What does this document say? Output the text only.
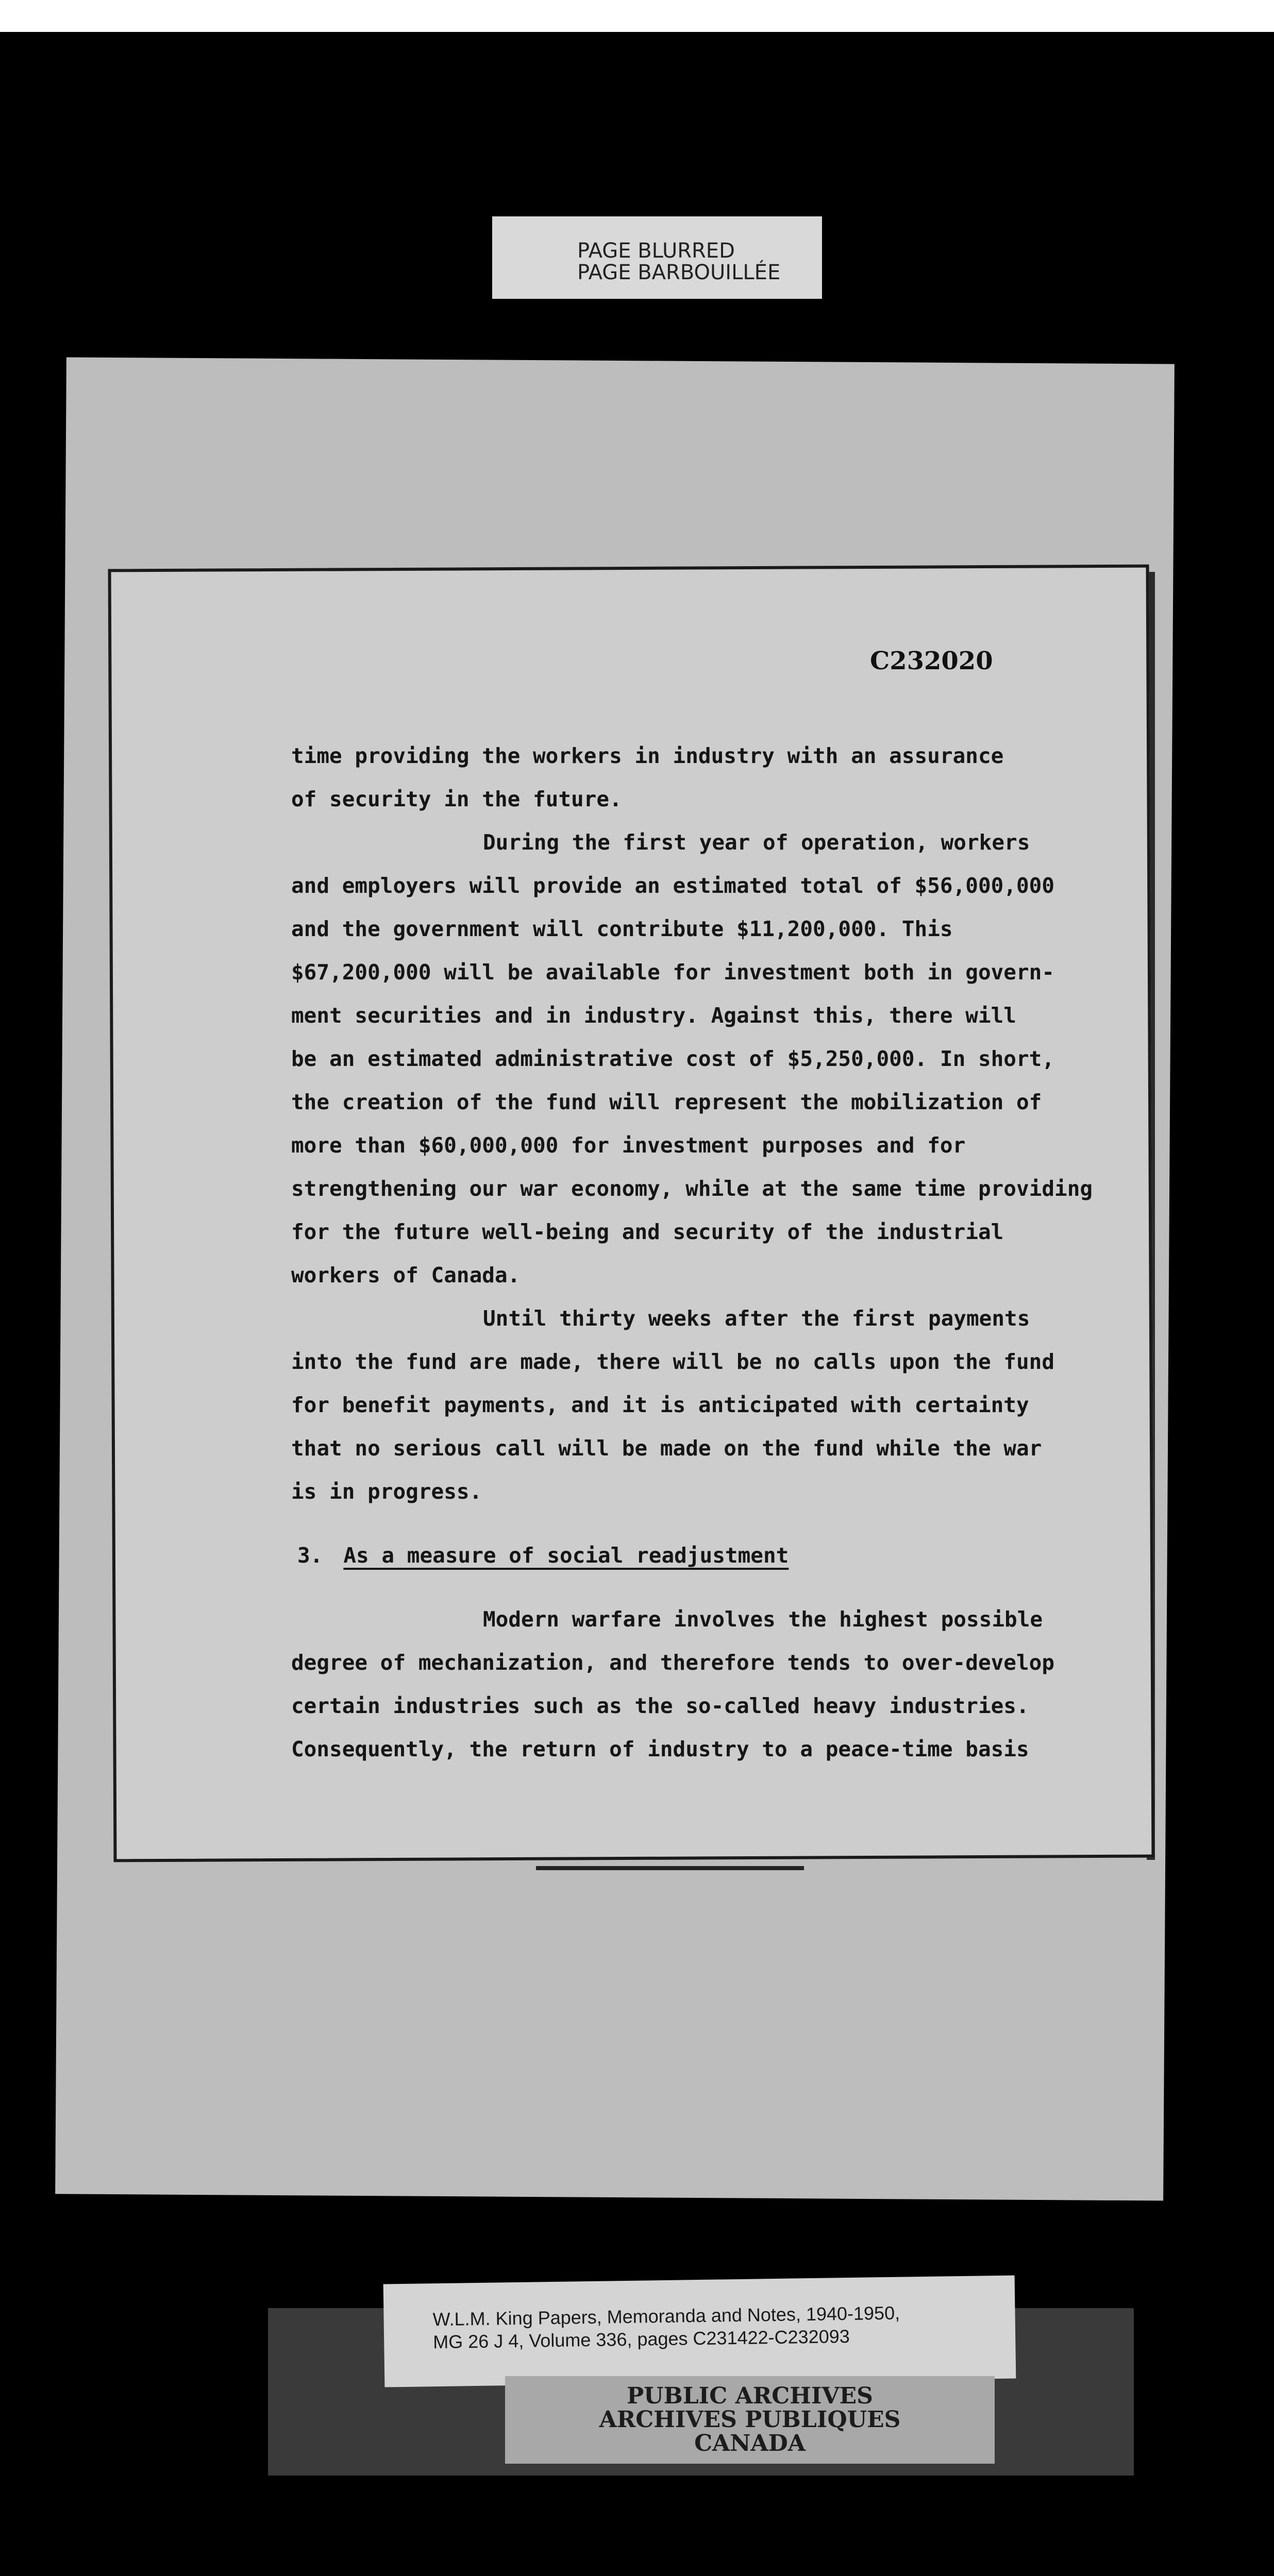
PAGE BLURRED
PAGE BARBOUILLÉE
C232020
time providing the workers in industry with an assurance
of security in the future.
During the first year of operation, workers
and employers will provide an estimated total of $56,000,000
and the government will contribute $11,200,000. This
$67,200,000 will be available for investment both in govern-
ment securities and in industry. Against this, there will
be an estimated administrative cost of $5,250,000. In short,
the creation of the fund will represent the mobilization of
more than $60,000,000 for investment purposes and for
strengthening our war economy, while at the same time providing
for the future well-being and security of the industrial
workers of Canada.
Until thirty weeks after the first payments
into the fund are made, there will be no calls upon the fund
for benefit payments, and it is anticipated with certainty
that no serious call will be made on the fund while the war
is in progress.
3. As a measure of social readjustment
Modern warfare involves the highest possible
degree of mechanization, and therefore tends to over-develop
certain industries such as the so-called heavy industries.
Consequently, the return of industry to a peace-time basis
W.L.M. King Papers, Memoranda and Notes, 1940-1950,
MG 26 J 4, Volume 336, pages C231422-C232093
PUBLIC ARCHIVES
ARCHIVES PUBLIQUES
CANADA
